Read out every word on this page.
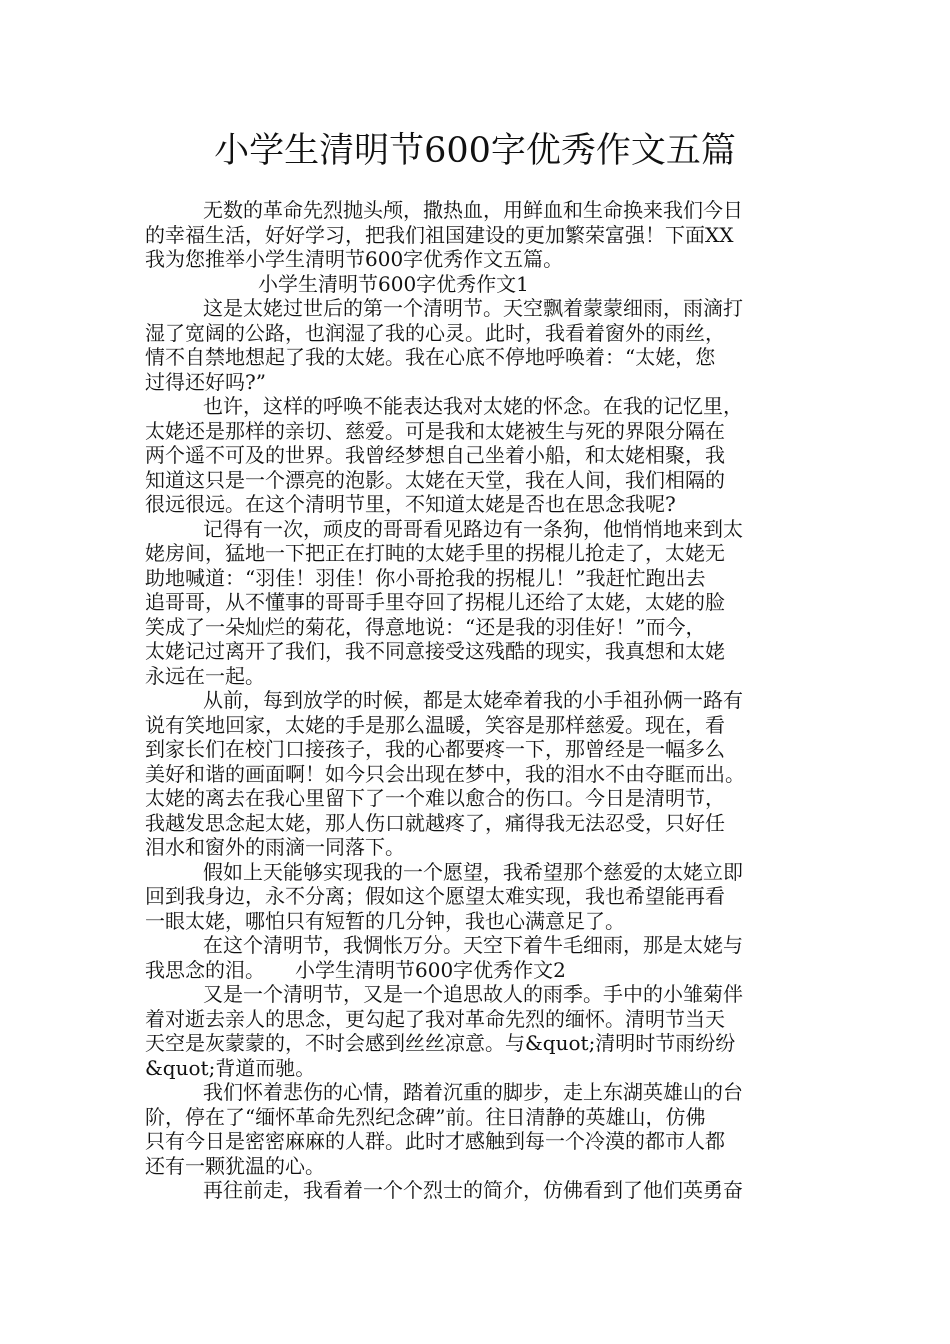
小学生清明节600字优秀作文五篇
无数的革命先烈抛头颅，撒热血，用鲜血和生命换来我们今日
的幸福生活，好好学习，把我们祖国建设的更加繁荣富强！下面XX
我为您推举小学生清明节600字优秀作文五篇。
小学生清明节600字优秀作文1
这是太姥过世后的第一个清明节。天空飘着蒙蒙细雨，雨滴打
湿了宽阔的公路，也润湿了我的心灵。此时，我看着窗外的雨丝，
情不自禁地想起了我的太姥。我在心底不停地呼唤着：“太姥，您
过得还好吗?”
也许，这样的呼唤不能表达我对太姥的怀念。在我的记忆里，
太姥还是那样的亲切、慈爱。可是我和太姥被生与死的界限分隔在
两个遥不可及的世界。我曾经梦想自己坐着小船，和太姥相聚，我
知道这只是一个漂亮的泡影。太姥在天堂，我在人间，我们相隔的
很远很远。在这个清明节里，不知道太姥是否也在思念我呢?
记得有一次，顽皮的哥哥看见路边有一条狗，他悄悄地来到太
姥房间，猛地一下把正在打盹的太姥手里的拐棍儿抢走了，太姥无
助地喊道：“羽佳！羽佳！你小哥抢我的拐棍儿！”我赶忙跑出去
追哥哥，从不懂事的哥哥手里夺回了拐棍儿还给了太姥，太姥的脸
笑成了一朵灿烂的菊花，得意地说：“还是我的羽佳好！”而今，
太姥记过离开了我们，我不同意接受这残酷的现实，我真想和太姥
永远在一起。
从前，每到放学的时候，都是太姥牵着我的小手祖孙俩一路有
说有笑地回家，太姥的手是那么温暖，笑容是那样慈爱。现在，看
到家长们在校门口接孩子，我的心都要疼一下，那曾经是一幅多么
美好和谐的画面啊！如今只会出现在梦中，我的泪水不由夺眶而出。
太姥的离去在我心里留下了一个难以愈合的伤口。今日是清明节，
我越发思念起太姥，那人伤口就越疼了，痛得我无法忍受，只好任
泪水和窗外的雨滴一同落下。
假如上天能够实现我的一个愿望，我希望那个慈爱的太姥立即
回到我身边，永不分离；假如这个愿望太难实现，我也希望能再看
一眼太姥，哪怕只有短暂的几分钟，我也心满意足了。
在这个清明节，我惆怅万分。天空下着牛毛细雨，那是太姥与
我思念的泪。　　小学生清明节600字优秀作文2
又是一个清明节，又是一个追思故人的雨季。手中的小雏菊伴
着对逝去亲人的思念，更勾起了我对革命先烈的缅怀。清明节当天
天空是灰蒙蒙的，不时会感到丝丝凉意。与&quot;清明时节雨纷纷
&quot;背道而驰。
我们怀着悲伤的心情，踏着沉重的脚步，走上东湖英雄山的台
阶，停在了“缅怀革命先烈纪念碑”前。往日清静的英雄山，仿佛
只有今日是密密麻麻的人群。此时才感触到每一个冷漠的都市人都
还有一颗犹温的心。
再往前走，我看着一个个烈士的简介，仿佛看到了他们英勇奋
